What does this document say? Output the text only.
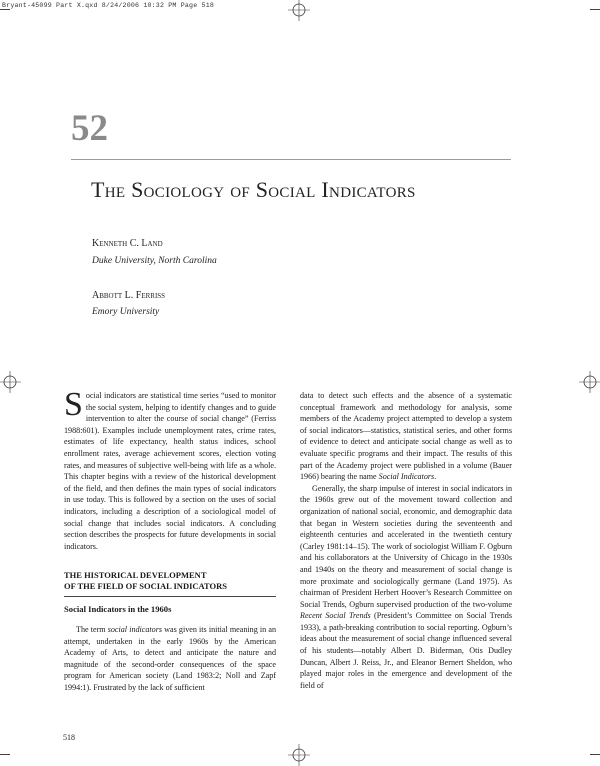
Bryant-45099 Part X.qxd 8/24/2006 10:32 PM Page 518
52
The Sociology of Social Indicators
Kenneth C. Land
Duke University, North Carolina
Abbott L. Ferriss
Emory University

Social indicators are statistical time series “used to monitor the social system, helping to identify changes and to guide intervention to alter the course of social change” (Ferriss 1988:601). Examples include unemployment rates, crime rates, estimates of life expectancy, health status indices, school enrollment rates, average achievement scores, election voting rates, and measures of subjective well-being with life as a whole. This chapter begins with a review of the historical development of the field, and then defines the main types of social indicators in use today. This is followed by a section on the uses of social indicators, including a description of a sociological model of social change that includes social indicators. A concluding section describes the prospects for future developments in social indicators.

THE HISTORICAL DEVELOPMENT
OF THE FIELD OF SOCIAL INDICATORS
Social Indicators in the 1960s

The term social indicators was given its initial meaning in an attempt, undertaken in the early 1960s by the American Academy of Arts, to detect and anticipate the nature and magnitude of the second-order consequences of the space program for American society (Land 1983:2; Noll and Zapf 1994:1). Frustrated by the lack of sufficient

data to detect such effects and the absence of a systematic conceptual framework and methodology for analysis, some members of the Academy project attempted to develop a system of social indicators—statistics, statistical series, and other forms of evidence to detect and anticipate social change as well as to evaluate specific programs and their impact. The results of this part of the Academy project were published in a volume (Bauer 1966) bearing the name Social Indicators.

Generally, the sharp impulse of interest in social indicators in the 1960s grew out of the movement toward collection and organization of national social, economic, and demographic data that began in Western societies during the seventeenth and eighteenth centuries and accelerated in the twentieth century (Carley 1981:14–15). The work of sociologist William F. Ogburn and his collaborators at the University of Chicago in the 1930s and 1940s on the theory and measurement of social change is more proximate and sociologically germane (Land 1975). As chairman of President Herbert Hoover’s Research Committee on Social Trends, Ogburn supervised production of the two-volume Recent Social Trends (President’s Committee on Social Trends 1933), a path-breaking contribution to social reporting. Ogburn’s ideas about the measurement of social change influenced several of his students—notably Albert D. Biderman, Otis Dudley Duncan, Albert J. Reiss, Jr., and Eleanor Bernert Sheldon, who played major roles in the emergence and development of the field of

518
